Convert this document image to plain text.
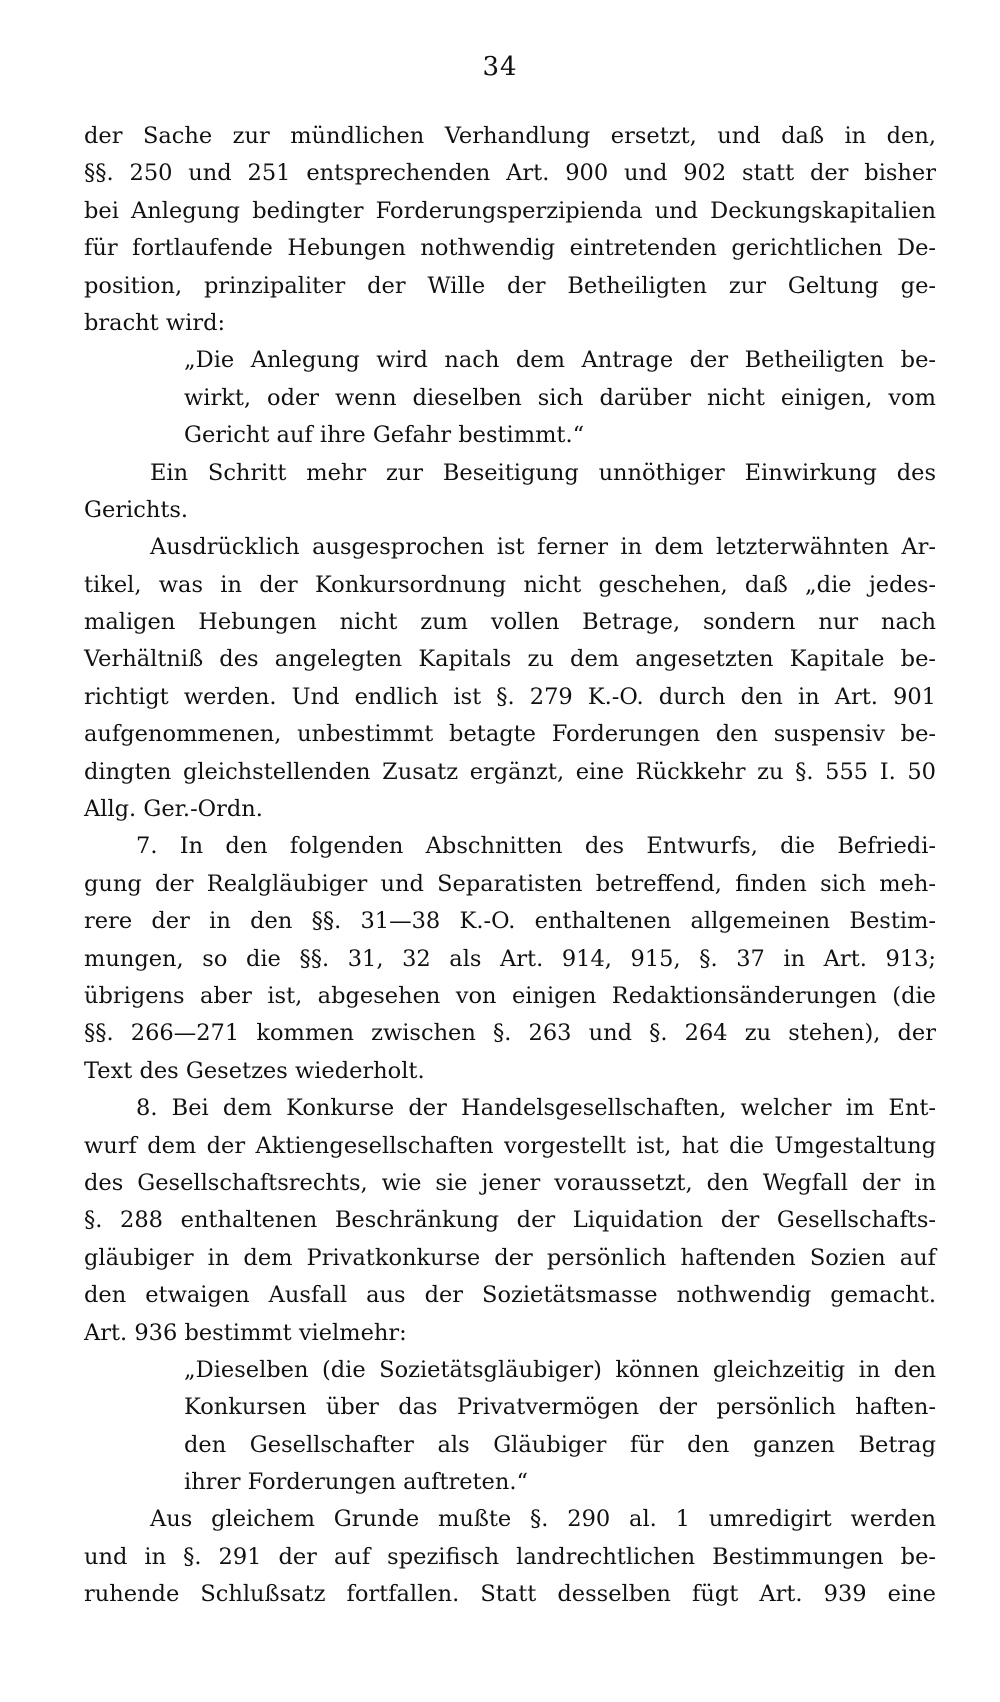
34
der Sache zur mündlichen Verhandlung ersetzt, und daß in den,
§§. 250 und 251 entsprechenden Art. 900 und 902 statt der bisher
bei Anlegung bedingter Forderungsperzipienda und Deckungskapitalien
für fortlaufende Hebungen nothwendig eintretenden gerichtlichen De-
position, prinzipaliter der Wille der Betheiligten zur Geltung ge-
bracht wird:
„Die Anlegung wird nach dem Antrage der Betheiligten be-
wirkt, oder wenn dieselben sich darüber nicht einigen, vom
Gericht auf ihre Gefahr bestimmt.“
Ein Schritt mehr zur Beseitigung unnöthiger Einwirkung des
Gerichts.
Ausdrücklich ausgesprochen ist ferner in dem letzterwähnten Ar-
tikel, was in der Konkursordnung nicht geschehen, daß „die jedes-
maligen Hebungen nicht zum vollen Betrage, sondern nur nach
Verhältniß des angelegten Kapitals zu dem angesetzten Kapitale be-
richtigt werden. Und endlich ist §. 279 K.-O. durch den in Art. 901
aufgenommenen, unbestimmt betagte Forderungen den suspensiv be-
dingten gleichstellenden Zusatz ergänzt, eine Rückkehr zu §. 555 I. 50
Allg. Ger.-Ordn.
7. In den folgenden Abschnitten des Entwurfs, die Befriedi-
gung der Realgläubiger und Separatisten betreffend, finden sich meh-
rere der in den §§. 31—38 K.-O. enthaltenen allgemeinen Bestim-
mungen, so die §§. 31, 32 als Art. 914, 915, §. 37 in Art. 913;
übrigens aber ist, abgesehen von einigen Redaktionsänderungen (die
§§. 266—271 kommen zwischen §. 263 und §. 264 zu stehen), der
Text des Gesetzes wiederholt.
8. Bei dem Konkurse der Handelsgesellschaften, welcher im Ent-
wurf dem der Aktiengesellschaften vorgestellt ist, hat die Umgestaltung
des Gesellschaftsrechts, wie sie jener voraussetzt, den Wegfall der in
§. 288 enthaltenen Beschränkung der Liquidation der Gesellschafts-
gläubiger in dem Privatkonkurse der persönlich haftenden Sozien auf
den etwaigen Ausfall aus der Sozietätsmasse nothwendig gemacht.
Art. 936 bestimmt vielmehr:
„Dieselben (die Sozietätsgläubiger) können gleichzeitig in den
Konkursen über das Privatvermögen der persönlich haften-
den Gesellschafter als Gläubiger für den ganzen Betrag
ihrer Forderungen auftreten.“
Aus gleichem Grunde mußte §. 290 al. 1 umredigirt werden
und in §. 291 der auf spezifisch landrechtlichen Bestimmungen be-
ruhende Schlußsatz fortfallen. Statt desselben fügt Art. 939 eine
